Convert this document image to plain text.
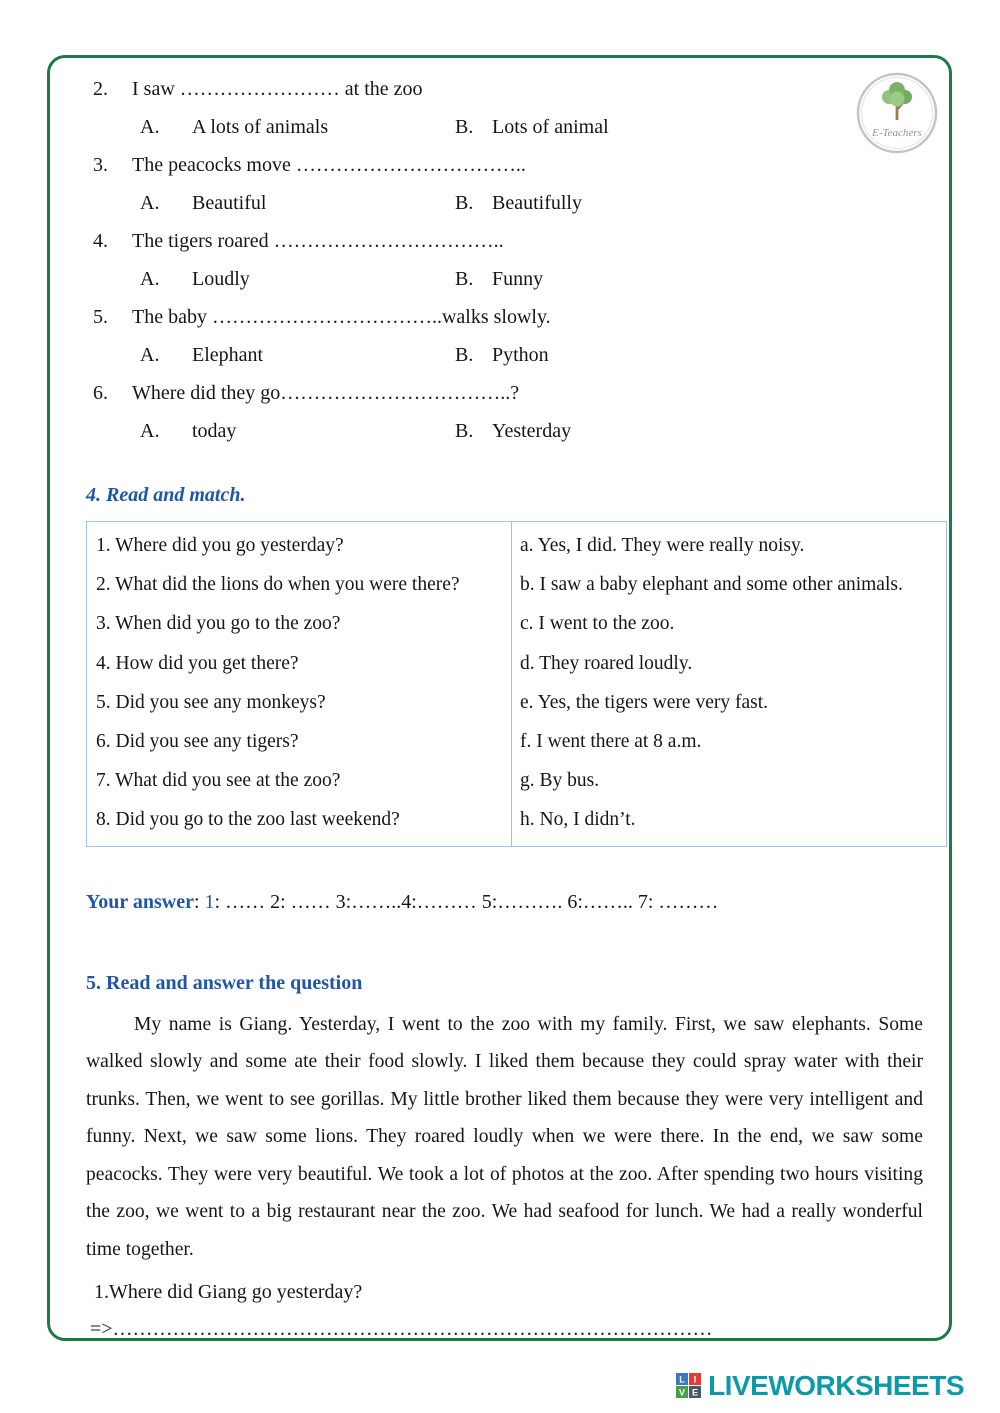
E-Teachers
2.	I saw …………………… at the zoo
A.	A lots of animals	B. Lots of animal
3.	The peacocks move ……………………………..
A.	Beautiful	B. Beautifully
4.	The tigers roared ……………………………..
A.	Loudly	B. Funny
5.	The baby ……………………………..walks slowly.
A.	Elephant	B. Python
6.	Where did they go……………………………..?
A.	today	B. Yesterday
4. Read and match.
1. Where did you go yesterday?	a. Yes, I did. They were really noisy.
2. What did the lions do when you were there?	b. I saw a baby elephant and some other animals.
3. When did you go to the zoo?	c. I went to the zoo.
4. How did you get there?	d. They roared loudly.
5. Did you see any monkeys?	e. Yes, the tigers were very fast.
6. Did you see any tigers?	f. I went there at 8 a.m.
7. What did you see at the zoo?	g. By bus.
8. Did you go to the zoo last weekend?	h. No, I didn’t.
Your answer: 1: …… 2: …… 3:……..4:……… 5:………. 6:…….. 7: ………
5. Read and answer the question
My name is Giang. Yesterday, I went to the zoo with my family. First, we saw elephants. Some walked slowly and some ate their food slowly. I liked them because they could spray water with their trunks. Then, we went to see gorillas. My little brother liked them because they were very intelligent and funny. Next, we saw some lions. They roared loudly when we were there. In the end, we saw some peacocks. They were very beautiful. We took a lot of photos at the zoo. After spending two hours visiting the zoo, we went to a big restaurant near the zoo. We had seafood for lunch. We had a really wonderful time together.
1.Where did Giang go yesterday?
=>………………………………………………………………………………
L I
V E LIVEWORKSHEETS
